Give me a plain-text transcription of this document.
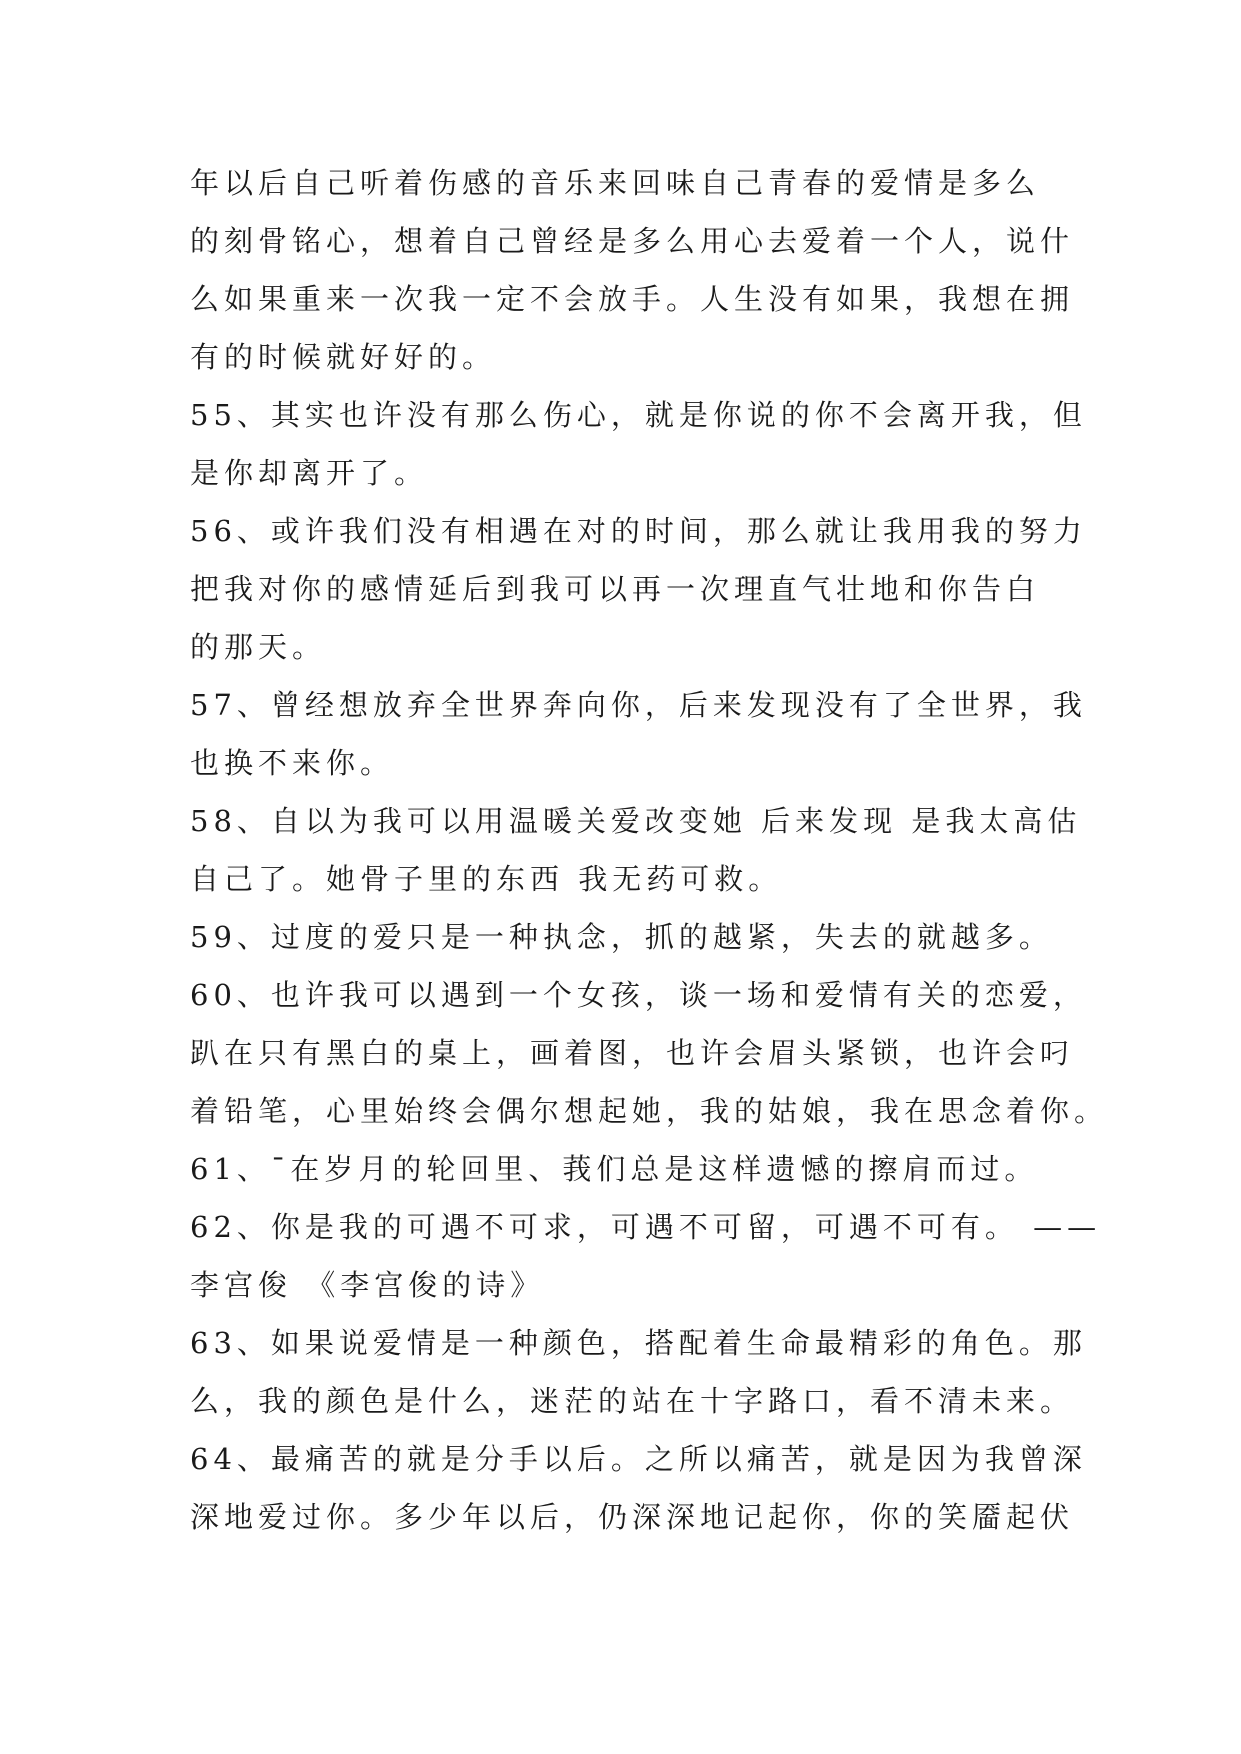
年以后自己听着伤感的音乐来回味自己青春的爱情是多么
的刻骨铭心，想着自己曾经是多么用心去爱着一个人，说什
么如果重来一次我一定不会放手。人生没有如果，我想在拥
有的时候就好好的。
55、其实也许没有那么伤心，就是你说的你不会离开我，但
是你却离开了。
56、或许我们没有相遇在对的时间，那么就让我用我的努力
把我对你的感情延后到我可以再一次理直气壮地和你告白
的那天。
57、曾经想放弃全世界奔向你，后来发现没有了全世界，我
也换不来你。
58、自以为我可以用温暖关爱改变她 后来发现 是我太高估
自己了。她骨子里的东西 我无药可救。
59、过度的爱只是一种执念，抓的越紧，失去的就越多。
60、也许我可以遇到一个女孩，谈一场和爱情有关的恋爱，
趴在只有黑白的桌上，画着图，也许会眉头紧锁，也许会叼
着铅笔，心里始终会偶尔想起她，我的姑娘，我在思念着你。
61、¯在岁月的轮回里、莪们总是这样遗憾的擦肩而过。
62、你是我的可遇不可求，可遇不可留，可遇不可有。 ——
李宫俊 《李宫俊的诗》
63、如果说爱情是一种颜色，搭配着生命最精彩的角色。那
么，我的颜色是什么，迷茫的站在十字路口，看不清未来。
64、最痛苦的就是分手以后。之所以痛苦，就是因为我曾深
深地爱过你。多少年以后，仍深深地记起你，你的笑靥起伏
